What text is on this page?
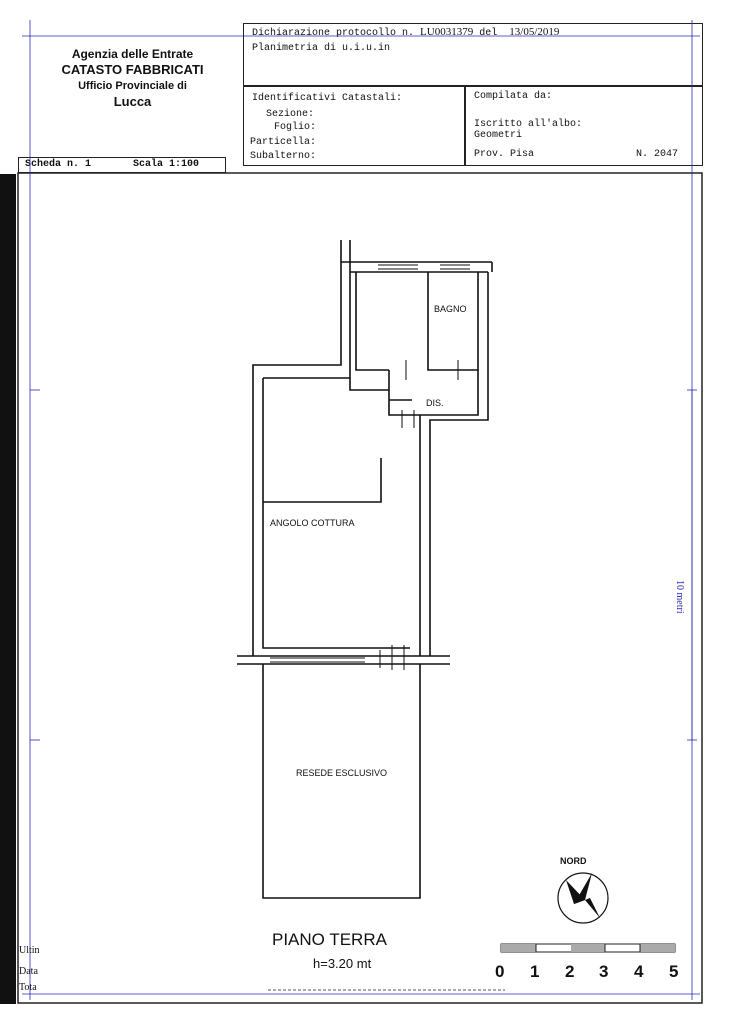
Agenzia delle Entrate
CATASTO FABBRICATI
Ufficio Provinciale di
Lucca
Dichiarazione protocollo n. LU0031379 del 13/05/2019
Planimetria di u.i.u.in
Identificativi Catastali:
Sezione:
Foglio:
Particella:
Subalterno:
Compilata da:
Iscritto all'albo:
Geometri
Prov. Pisa	N. 2047
Scheda n. 1	Scala 1:100
BAGNO
DIS.
ANGOLO COTTURA
RESEDE ESCLUSIVO
10 metri
NORD
PIANO TERRA
h=3.20 mt	0 1 2 3 4 5
Ultin
Data
Tota
